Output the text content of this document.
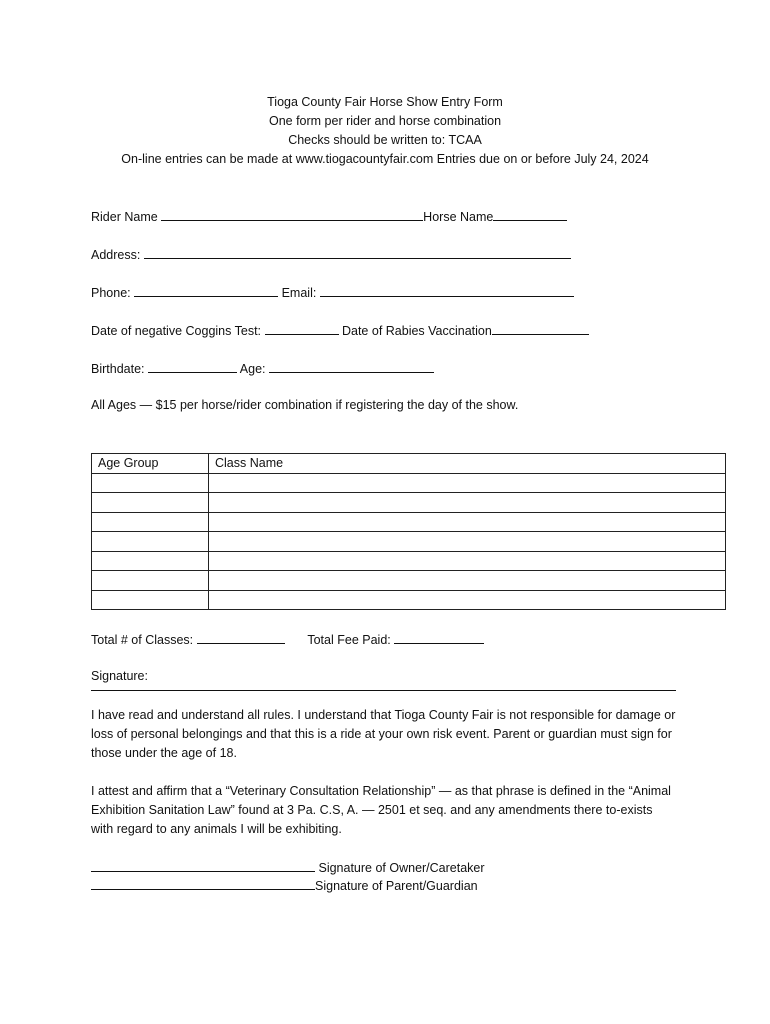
Tioga County Fair Horse Show Entry Form
One form per rider and horse combination
Checks should be written to: TCAA
On-line entries can be made at www.tiogacountyfair.com Entries due on or before July 24, 2024
Rider Name	Horse Name
Address:
Phone:	Email:
Date of negative Coggins Test:	Date of Rabies Vaccination
Birthdate:	Age:
All Ages — $15 per horse/rider combination if registering the day of the show.
Age Group	Class Name

Total # of Classes:	Total Fee Paid:
Signature:
I have read and understand all rules. I understand that Tioga County Fair is not responsible for damage or loss of personal belongings and that this is a ride at your own risk event. Parent or guardian must sign for those under the age of 18.
I attest and affirm that a “Veterinary Consultation Relationship” — as that phrase is defined in the “Animal Exhibition Sanitation Law” found at 3 Pa. C.S, A. — 2501 et seq. and any amendments there to-exists with regard to any animals I will be exhibiting.
Signature of Owner/Caretaker
Signature of Parent/Guardian
